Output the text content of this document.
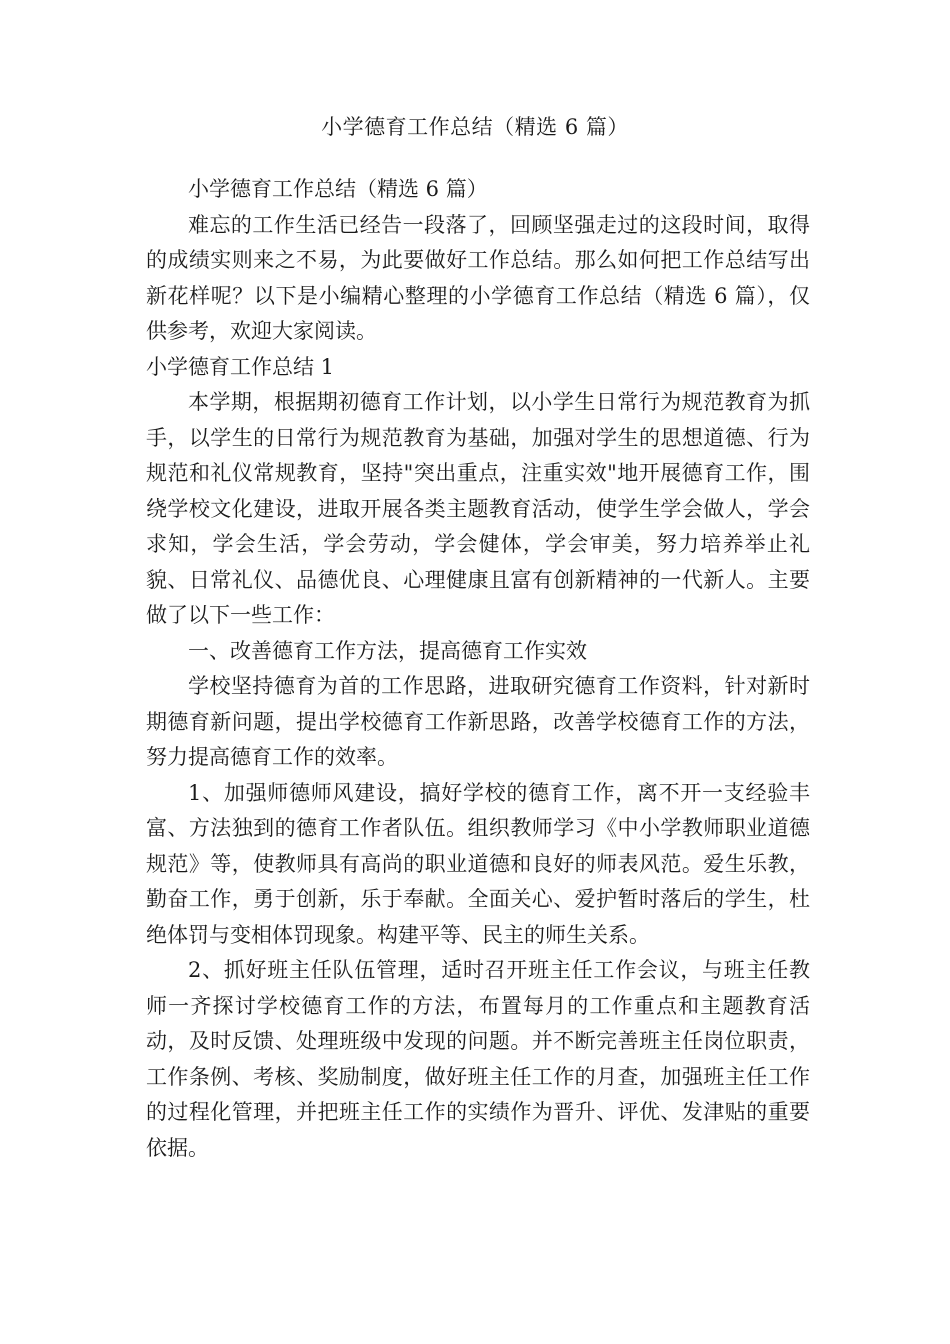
小学德育工作总结（精选 6 篇）

小学德育工作总结（精选 6 篇）

难忘的工作生活已经告一段落了，回顾坚强走过的这段时间，取得的成绩实则来之不易，为此要做好工作总结。那么如何把工作总结写出新花样呢？以下是小编精心整理的小学德育工作总结（精选 6 篇），仅供参考，欢迎大家阅读。

小学德育工作总结 1

本学期，根据期初德育工作计划，以小学生日常行为规范教育为抓手，以学生的日常行为规范教育为基础，加强对学生的思想道德、行为规范和礼仪常规教育，坚持"突出重点，注重实效"地开展德育工作，围绕学校文化建设，进取开展各类主题教育活动，使学生学会做人，学会求知，学会生活，学会劳动，学会健体，学会审美，努力培养举止礼貌、日常礼仪、品德优良、心理健康且富有创新精神的一代新人。主要做了以下一些工作：

一、改善德育工作方法，提高德育工作实效

学校坚持德育为首的工作思路，进取研究德育工作资料，针对新时期德育新问题，提出学校德育工作新思路，改善学校德育工作的方法，努力提高德育工作的效率。

1、加强师德师风建设，搞好学校的德育工作，离不开一支经验丰富、方法独到的德育工作者队伍。组织教师学习《中小学教师职业道德规范》等，使教师具有高尚的职业道德和良好的师表风范。爱生乐教，勤奋工作，勇于创新，乐于奉献。全面关心、爱护暂时落后的学生，杜绝体罚与变相体罚现象。构建平等、民主的师生关系。

2、抓好班主任队伍管理，适时召开班主任工作会议，与班主任教师一齐探讨学校德育工作的方法，布置每月的工作重点和主题教育活动，及时反馈、处理班级中发现的问题。并不断完善班主任岗位职责，工作条例、考核、奖励制度，做好班主任工作的月查，加强班主任工作的过程化管理，并把班主任工作的实绩作为晋升、评优、发津贴的重要依据。
